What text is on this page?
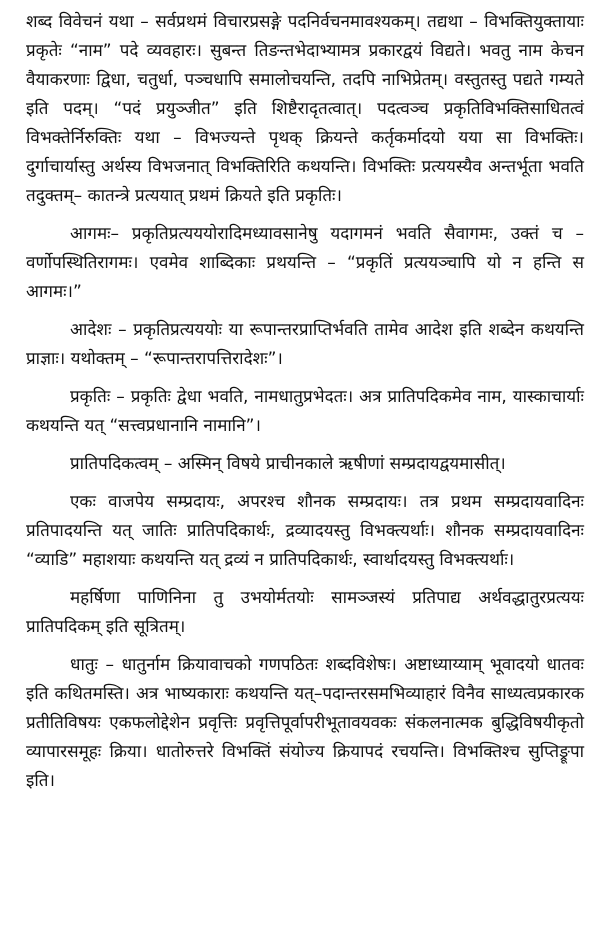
शब्द विवेचनं यथा – सर्वप्रथमं विचारप्रसङ्गे पदनिर्वचनमावश्यकम्। तद्यथा – विभक्तियुक्तायाः प्रकृतेः “नाम” पदे व्यवहारः। सुबन्त तिङन्तभेदाभ्यामत्र प्रकारद्वयं विद्यते। भवतु नाम केचन वैयाकरणाः द्विधा, चतुर्धा, पञ्चधापि समालोचयन्ति, तदपि नाभिप्रेतम्। वस्तुतस्तु पद्यते गम्यते इति पदम्। “पदं प्रयुञ्जीत” इति शिष्टैरादृतत्वात्। पदत्वञ्च प्रकृतिविभक्तिसाधितत्वं विभक्तेर्निरुक्तिः यथा – विभज्यन्ते पृथक् क्रियन्ते कर्तृकर्मादयो यया सा विभक्तिः। दुर्गाचार्यास्तु अर्थस्य विभजनात् विभक्तिरिति कथयन्ति। विभक्तिः प्रत्ययस्यैव अन्तर्भूता भवति तदुक्तम्– कातन्त्रे प्रत्ययात् प्रथमं क्रियते इति प्रकृतिः।

आगमः– प्रकृतिप्रत्यययोरादिमध्यावसानेषु यदागमनं भवति सैवागमः, उक्तं च – वर्णोपस्थितिरागमः। एवमेव शाब्दिकाः प्रथयन्ति – “प्रकृतिं प्रत्ययञ्चापि यो न हन्ति स आगमः।”

आदेशः – प्रकृतिप्रत्यययोः या रूपान्तरप्राप्तिर्भवति तामेव आदेश इति शब्देन कथयन्ति प्राज्ञाः। यथोक्तम् – “रूपान्तरापत्तिरादेशः”।

प्रकृतिः – प्रकृतिः द्वेधा भवति, नामधातुप्रभेदतः। अत्र प्रातिपदिकमेव नाम, यास्काचार्याः कथयन्ति यत् “सत्त्वप्रधानानि नामानि”।

प्रातिपदिकत्वम् – अस्मिन् विषये प्राचीनकाले ऋषीणां सम्प्रदायद्वयमासीत्।

एकः वाजपेय सम्प्रदायः, अपरश्च शौनक सम्प्रदायः। तत्र प्रथम सम्प्रदायवादिनः प्रतिपादयन्ति यत् जातिः प्रातिपदिकार्थः, द्रव्यादयस्तु विभक्त्यर्थाः। शौनक सम्प्रदायवादिनः “व्याडि” महाशयाः कथयन्ति यत् द्रव्यं न प्रातिपदिकार्थः, स्वार्थादयस्तु विभक्त्यर्थाः।

महर्षिणा पाणिनिना तु उभयोर्मतयोः सामञ्जस्यं प्रतिपाद्य अर्थवद्धातुरप्रत्ययः प्रातिपदिकम् इति सूत्रितम्।

धातुः – धातुर्नाम क्रियावाचको गणपठितः शब्दविशेषः। अष्टाध्याय्याम् भूवादयो धातवः इति कथितमस्ति। अत्र भाष्यकाराः कथयन्ति यत्–पदान्तरसमभिव्याहारं विनैव साध्यत्वप्रकारक प्रतीतिविषयः एकफलोद्देशेन प्रवृत्तिः प्रवृत्तिपूर्वापरीभूतावयवकः संकलनात्मक बुद्धिविषयीकृतो व्यापारसमूहः क्रिया। धातोरुत्तरे विभक्तिं संयोज्य क्रियापदं रचयन्ति। विभक्तिश्च सुप्तिङ्रूपा इति।
